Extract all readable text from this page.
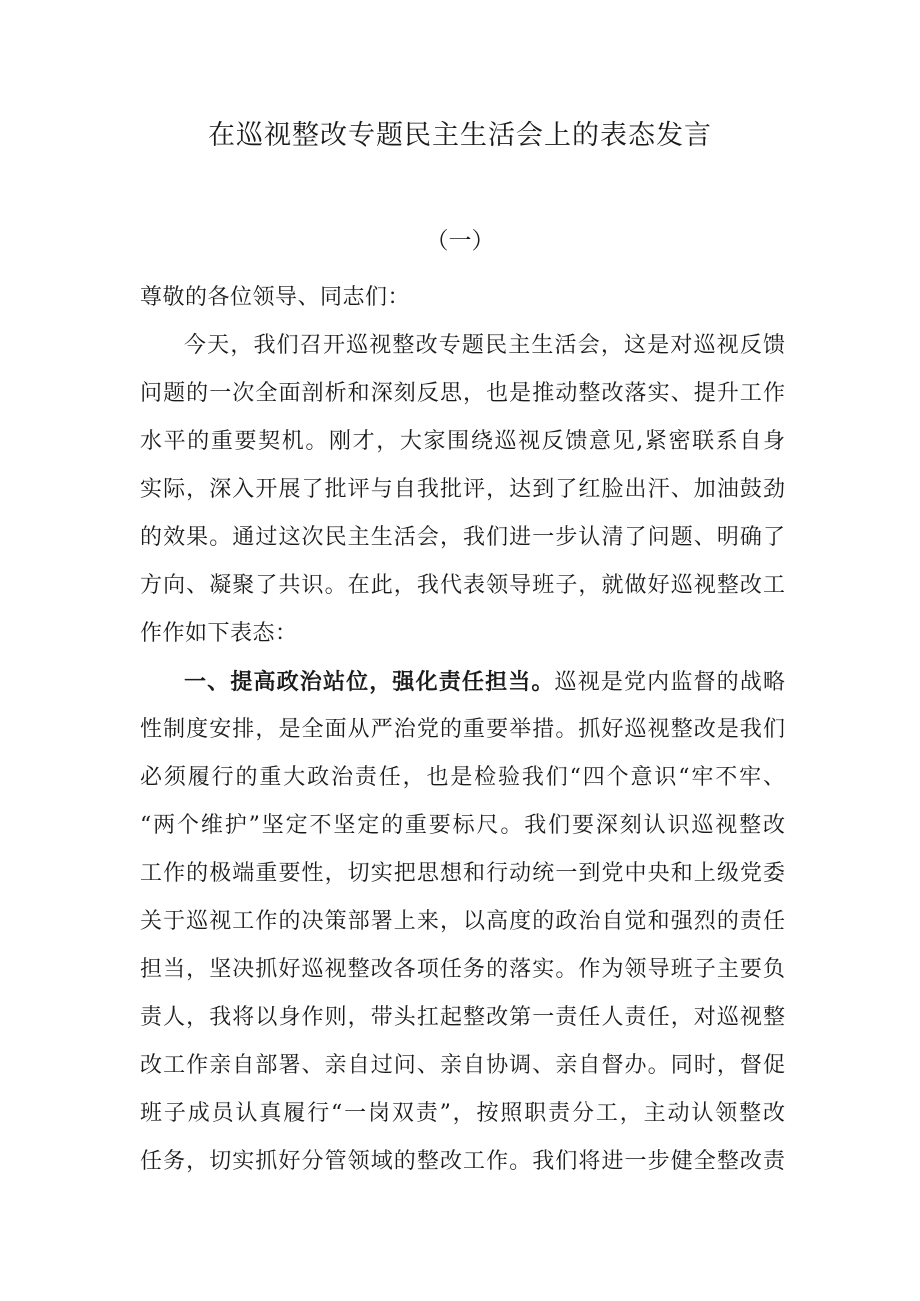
在巡视整改专题民主生活会上的表态发言
（一）
尊敬的各位领导、同志们：
今天，我们召开巡视整改专题民主生活会，这是对巡视反馈
问题的一次全面剖析和深刻反思，也是推动整改落实、提升工作
水平的重要契机。刚才，大家围绕巡视反馈意见,紧密联系自身
实际，深入开展了批评与自我批评，达到了红脸出汗、加油鼓劲
的效果。通过这次民主生活会，我们进一步认清了问题、明确了
方向、凝聚了共识。在此，我代表领导班子，就做好巡视整改工
作作如下表态：
一、提高政治站位，强化责任担当。巡视是党内监督的战略
性制度安排，是全面从严治党的重要举措。抓好巡视整改是我们
必须履行的重大政治责任，也是检验我们“四个意识“牢不牢、
“两个维护”坚定不坚定的重要标尺。我们要深刻认识巡视整改
工作的极端重要性，切实把思想和行动统一到党中央和上级党委
关于巡视工作的决策部署上来，以高度的政治自觉和强烈的责任
担当，坚决抓好巡视整改各项任务的落实。作为领导班子主要负
责人，我将以身作则，带头扛起整改第一责任人责任，对巡视整
改工作亲自部署、亲自过问、亲自协调、亲自督办。同时，督促
班子成员认真履行“一岗双责”，按照职责分工，主动认领整改
任务，切实抓好分管领域的整改工作。我们将进一步健全整改责
